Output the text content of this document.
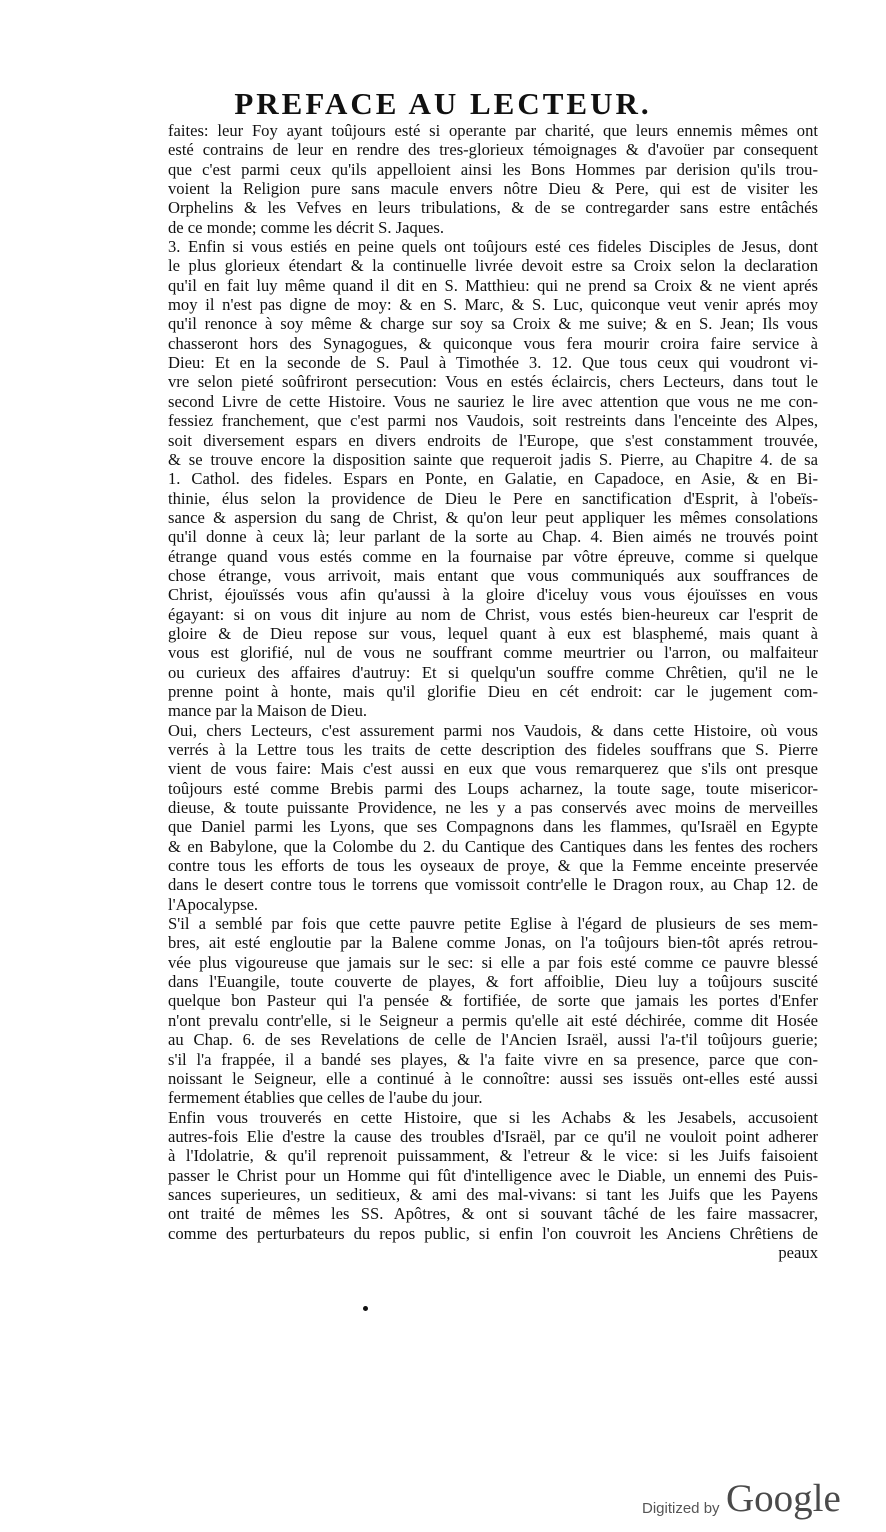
PREFACE AU LECTEUR.
faites: leur Foy ayant toûjours esté si operante par charité, que leurs ennemis mêmes ont
esté contrains de leur en rendre des tres-glorieux témoignages & d'avoüer par consequent
que c'est parmi ceux qu'ils appelloient ainsi les Bons Hommes par derision qu'ils trou-
voient la Religion pure sans macule envers nôtre Dieu & Pere, qui est de visiter les
Orphelins & les Vefves en leurs tribulations, & de se contregarder sans estre entâchés
de ce monde; comme les décrit S. Jaques.
3. Enfin si vous estiés en peine quels ont toûjours esté ces fideles Disciples de Jesus, dont
le plus glorieux étendart & la continuelle livrée devoit estre sa Croix selon la declaration
qu'il en fait luy même quand il dit en S. Matthieu: qui ne prend sa Croix & ne vient aprés
moy il n'est pas digne de moy: & en S. Marc, & S. Luc, quiconque veut venir aprés moy
qu'il renonce à soy même & charge sur soy sa Croix & me suive; & en S. Jean; Ils vous
chasseront hors des Synagogues, & quiconque vous fera mourir croira faire service à
Dieu: Et en la seconde de S. Paul à Timothée 3. 12. Que tous ceux qui voudront vi-
vre selon pieté soûfriront persecution: Vous en estés éclaircis, chers Lecteurs, dans tout le
second Livre de cette Histoire. Vous ne sauriez le lire avec attention que vous ne me con-
fessiez franchement, que c'est parmi nos Vaudois, soit restreints dans l'enceinte des Alpes,
soit diversement espars en divers endroits de l'Europe, que s'est constamment trouvée,
& se trouve encore la disposition sainte que requeroit jadis S. Pierre, au Chapitre 4. de sa
1. Cathol. des fideles. Espars en Ponte, en Galatie, en Capadoce, en Asie, & en Bi-
thinie, élus selon la providence de Dieu le Pere en sanctification d'Esprit, à l'obeïs-
sance & aspersion du sang de Christ, & qu'on leur peut appliquer les mêmes consolations
qu'il donne à ceux là; leur parlant de la sorte au Chap. 4. Bien aimés ne trouvés point
étrange quand vous estés comme en la fournaise par vôtre épreuve, comme si quelque
chose étrange, vous arrivoit, mais entant que vous communiqués aux souffrances de
Christ, éjouïssés vous afin qu'aussi à la gloire d'iceluy vous vous éjouïsses en vous
égayant: si on vous dit injure au nom de Christ, vous estés bien-heureux car l'esprit de
gloire & de Dieu repose sur vous, lequel quant à eux est blasphemé, mais quant à
vous est glorifié, nul de vous ne souffrant comme meurtrier ou l'arron, ou malfaiteur
ou curieux des affaires d'autruy: Et si quelqu'un souffre comme Chrêtien, qu'il ne le
prenne point à honte, mais qu'il glorifie Dieu en cét endroit: car le jugement com-
mance par la Maison de Dieu.
Oui, chers Lecteurs, c'est assurement parmi nos Vaudois, & dans cette Histoire, où vous
verrés à la Lettre tous les traits de cette description des fideles souffrans que S. Pierre
vient de vous faire: Mais c'est aussi en eux que vous remarquerez que s'ils ont presque
toûjours esté comme Brebis parmi des Loups acharnez, la toute sage, toute misericor-
dieuse, & toute puissante Providence, ne les y a pas conservés avec moins de merveilles
que Daniel parmi les Lyons, que ses Compagnons dans les flammes, qu'Israël en Egypte
& en Babylone, que la Colombe du 2. du Cantique des Cantiques dans les fentes des rochers
contre tous les efforts de tous les oyseaux de proye, & que la Femme enceinte preservée
dans le desert contre tous le torrens que vomissoit contr'elle le Dragon roux, au Chap 12. de
l'Apocalypse.
S'il a semblé par fois que cette pauvre petite Eglise à l'égard de plusieurs de ses mem-
bres, ait esté engloutie par la Balene comme Jonas, on l'a toûjours bien-tôt aprés retrou-
vée plus vigoureuse que jamais sur le sec: si elle a par fois esté comme ce pauvre blessé
dans l'Euangile, toute couverte de playes, & fort affoiblie, Dieu luy a toûjours suscité
quelque bon Pasteur qui l'a pensée & fortifiée, de sorte que jamais les portes d'Enfer
n'ont prevalu contr'elle, si le Seigneur a permis qu'elle ait esté déchirée, comme dit Hosée
au Chap. 6. de ses Revelations de celle de l'Ancien Israël, aussi l'a-t'il toûjours guerie;
s'il l'a frappée, il a bandé ses playes, & l'a faite vivre en sa presence, parce que con-
noissant le Seigneur, elle a continué à le connoître: aussi ses issuës ont-elles esté aussi
fermement établies que celles de l'aube du jour.
Enfin vous trouverés en cette Histoire, que si les Achabs & les Jesabels, accusoient
autres-fois Elie d'estre la cause des troubles d'Israël, par ce qu'il ne vouloit point adherer
à l'Idolatrie, & qu'il reprenoit puissamment, & l'etreur & le vice: si les Juifs faisoient
passer le Christ pour un Homme qui fût d'intelligence avec le Diable, un ennemi des Puis-
sances superieures, un seditieux, & ami des mal-vivans: si tant les Juifs que les Payens
ont traité de mêmes les SS. Apôtres, & ont si souvant tâché de les faire massacrer,
comme des perturbateurs du repos public, si enfin l'on couvroit les Anciens Chrêtiens de
peaux
Digitized by Google
